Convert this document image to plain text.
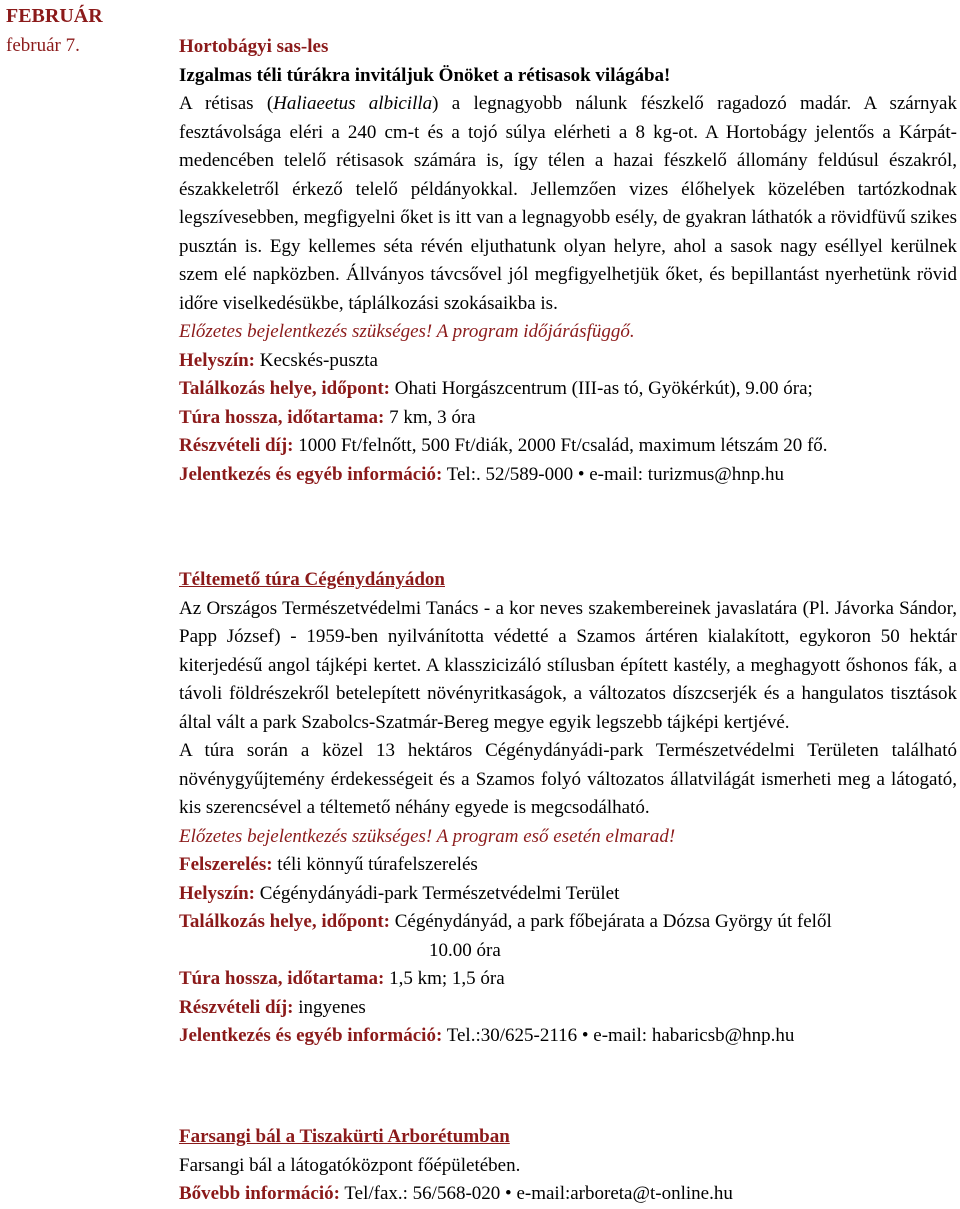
FEBRUÁR
február 7.	Hortobágyi sas-les
Izgalmas téli túrákra invitáljuk Önöket a rétisasok világába!
A rétisas (Haliaeetus albicilla) a legnagyobb nálunk fészkelő ragadozó madár. A szárnyak fesztávolsága eléri a 240 cm-t és a tojó súlya elérheti a 8 kg-ot. A Hortobágy jelentős a Kárpát-medencében telelő rétisasok számára is, így télen a hazai fészkelő állomány feldúsul északról, északkeletről érkező telelő példányokkal. Jellemzően vizes élőhelyek közelében tartózkodnak legszívesebben, megfigyelni őket is itt van a legnagyobb esély, de gyakran láthatók a rövidfüvű szikes pusztán is. Egy kellemes séta révén eljuthatunk olyan helyre, ahol a sasok nagy eséllyel kerülnek szem elé napközben. Állványos távcsővel jól megfigyelhetjük őket, és bepillantást nyerhetünk rövid időre viselkedésükbe, táplálkozási szokásaikba is.
Előzetes bejelentkezés szükséges! A program időjárásfüggő.
Helyszín: Kecskés-puszta
Találkozás helye, időpont: Ohati Horgászcentrum (III-as tó, Gyökérkút), 9.00 óra;
Túra hossza, időtartama: 7 km, 3 óra
Részvételi díj: 1000 Ft/felnőtt, 500 Ft/diák, 2000 Ft/család, maximum létszám 20 fő.
Jelentkezés és egyéb információ: Tel:. 52/589-000 • e-mail: turizmus@hnp.hu
Téltemető túra Cégénydányádon
Az Országos Természetvédelmi Tanács - a kor neves szakembereinek javaslatára (Pl. Jávorka Sándor, Papp József) - 1959-ben nyilvánította védetté a Szamos ártéren kialakított, egykoron 50 hektár kiterjedésű angol tájképi kertet. A klasszicizáló stílusban épített kastély, a meghagyott őshonos fák, a távoli földrészekről betelepített növényritkaságok, a változatos díszcserjék és a hangulatos tisztások által vált a park Szabolcs-Szatmár-Bereg megye egyik legszebb tájképi kertjévé.
A túra során a közel 13 hektáros Cégénydányádi-park Természetvédelmi Területen található növénygyűjtemény érdekességeit és a Szamos folyó változatos állatvilágát ismerheti meg a látogató, kis szerencsével a téltemető néhány egyede is megcsodálható.
Előzetes bejelentkezés szükséges! A program eső esetén elmarad!
Felszerelés: téli könnyű túrafelszerelés
Helyszín: Cégénydányádi-park Természetvédelmi Terület
Találkozás helye, időpont: Cégénydányád, a park főbejárata a Dózsa György út felől
10.00 óra
Túra hossza, időtartama: 1,5 km; 1,5 óra
Részvételi díj: ingyenes
Jelentkezés és egyéb információ: Tel.:30/625-2116 • e-mail: habaricsb@hnp.hu
Farsangi bál a Tiszakürti Arborétumban
Farsangi bál a látogatóközpont főépületében.
Bővebb információ: Tel/fax.: 56/568-020 • e-mail:arboreta@t-online.hu
